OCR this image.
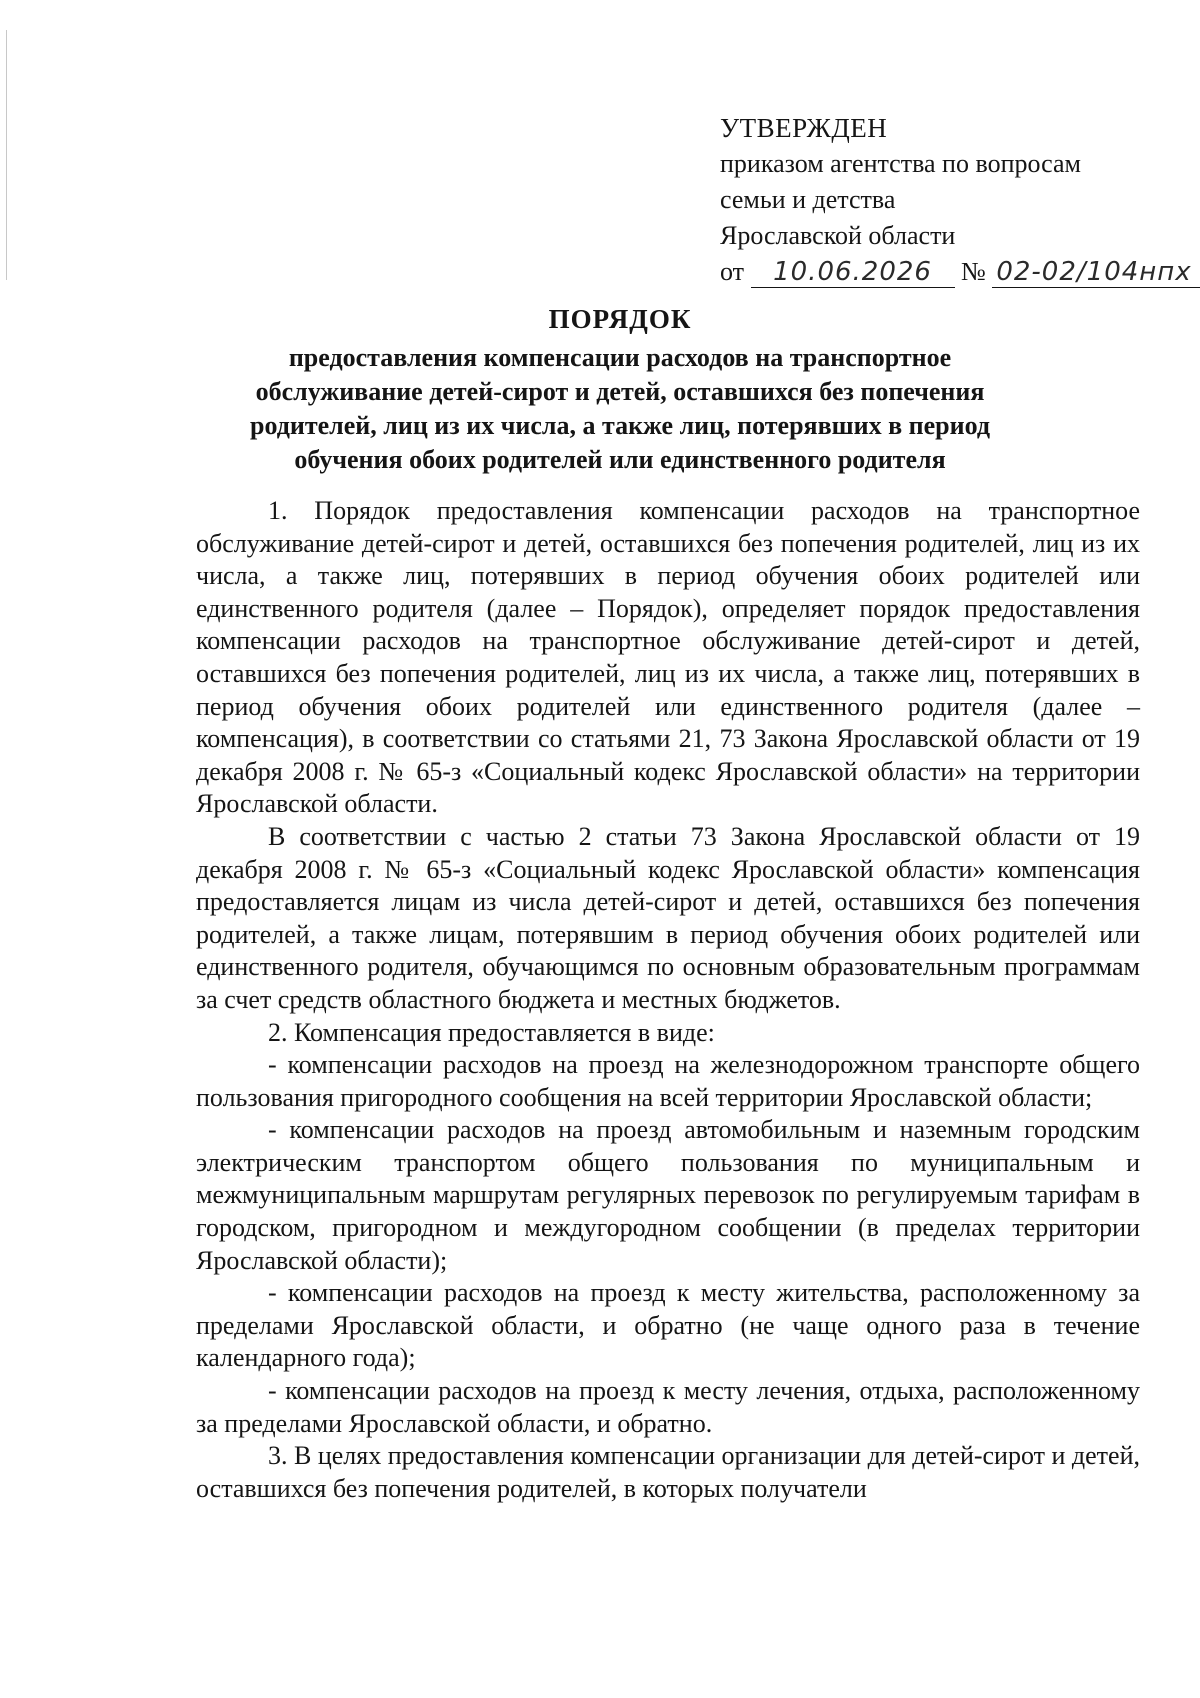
УТВЕРЖДЕН
приказом агентства по вопросам
семьи и детства
Ярославской области
от 10.06.2026 № 02-02/104нпх
ПОРЯДОК
предоставления компенсации расходов на транспортное
обслуживание детей-сирот и детей, оставшихся без попечения
родителей, лиц из их числа, а также лиц, потерявших в период
обучения обоих родителей или единственного родителя

1. Порядок предоставления компенсации расходов на транспортное обслуживание детей-сирот и детей, оставшихся без попечения родителей, лиц из их числа, а также лиц, потерявших в период обучения обоих родителей или единственного родителя (далее – Порядок), определяет порядок предоставления компенсации расходов на транспортное обслуживание детей-сирот и детей, оставшихся без попечения родителей, лиц из их числа, а также лиц, потерявших в период обучения обоих родителей или единственного родителя (далее – компенсация), в соответствии со статьями 21, 73 Закона Ярославской области от 19 декабря 2008 г. № 65-з «Социальный кодекс Ярославской области» на территории Ярославской области.

В соответствии с частью 2 статьи 73 Закона Ярославской области от 19 декабря 2008 г. № 65-з «Социальный кодекс Ярославской области» компенсация предоставляется лицам из числа детей-сирот и детей, оставшихся без попечения родителей, а также лицам, потерявшим в период обучения обоих родителей или единственного родителя, обучающимся по основным образовательным программам за счет средств областного бюджета и местных бюджетов.

2. Компенсация предоставляется в виде:

- компенсации расходов на проезд на железнодорожном транспорте общего пользования пригородного сообщения на всей территории Ярославской области;

- компенсации расходов на проезд автомобильным и наземным городским электрическим транспортом общего пользования по муниципальным и межмуниципальным маршрутам регулярных перевозок по регулируемым тарифам в городском, пригородном и междугородном сообщении (в пределах территории Ярославской области);

- компенсации расходов на проезд к месту жительства, расположенному за пределами Ярославской области, и обратно (не чаще одного раза в течение календарного года);

- компенсации расходов на проезд к месту лечения, отдыха, расположенному за пределами Ярославской области, и обратно.

3. В целях предоставления компенсации организации для детей-сирот и детей, оставшихся без попечения родителей, в которых получатели
